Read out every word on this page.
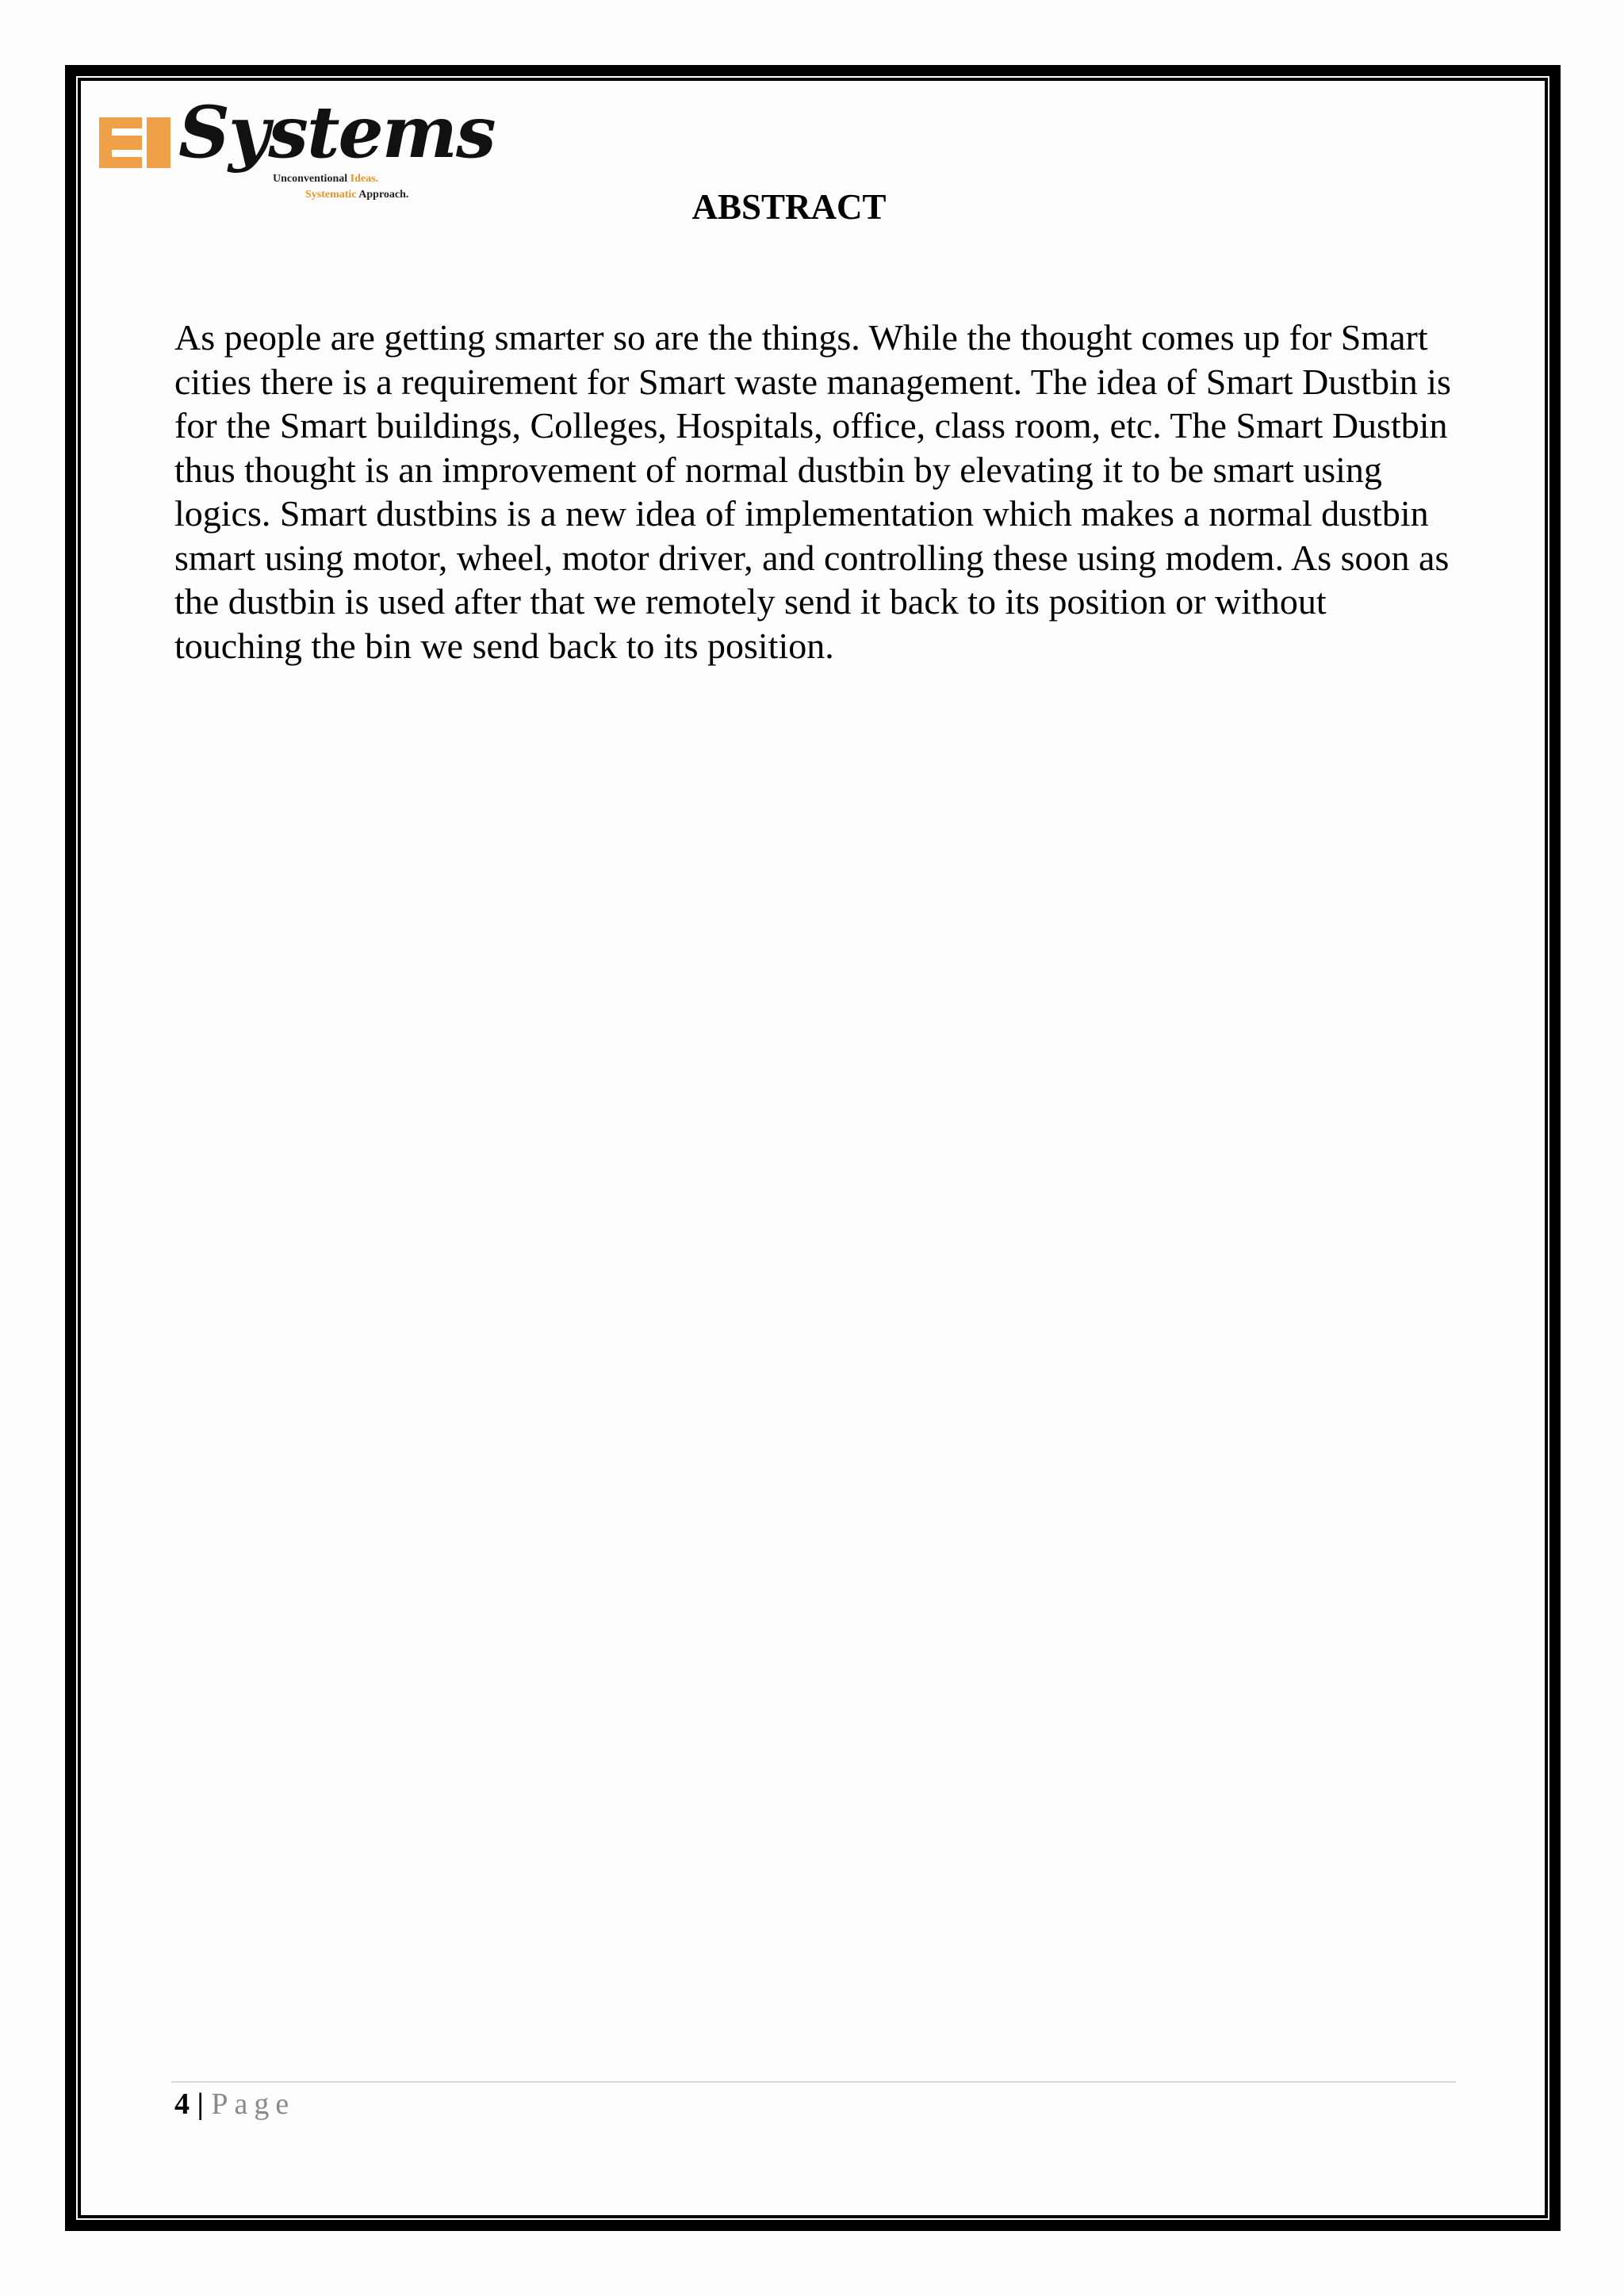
Systems
Unconventional Ideas.
Systematic Approach.	ABSTRACT

As people are getting smarter so are the things. While the thought comes up for Smart cities there is a requirement for Smart waste management. The idea of Smart Dustbin is for the Smart buildings, Colleges, Hospitals, office, class room, etc. The Smart Dustbin thus thought is an improvement of normal dustbin by elevating it to be smart using logics. Smart dustbins is a new idea of implementation which makes a normal dustbin smart using motor, wheel, motor driver, and controlling these using modem. As soon as the dustbin is used after that we remotely send it back to its position or without touching the bin we send back to its position.

4 | Page
